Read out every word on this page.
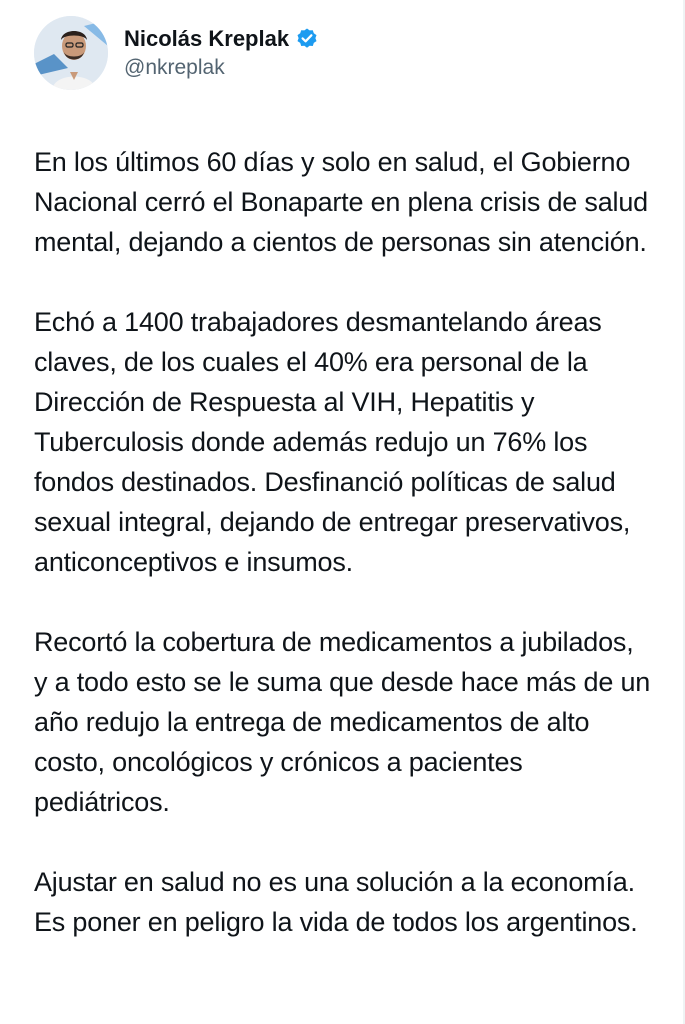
Nicolás Kreplak
@nkreplak

En los últimos 60 días y solo en salud, el Gobierno Nacional cerró el Bonaparte en plena crisis de salud mental, dejando a cientos de personas sin atención.

Echó a 1400 trabajadores desmantelando áreas claves, de los cuales el 40% era personal de la Dirección de Respuesta al VIH, Hepatitis y Tuberculosis donde además redujo un 76% los fondos destinados. Desfinanció políticas de salud sexual integral, dejando de entregar preservativos, anticonceptivos e insumos.

Recortó la cobertura de medicamentos a jubilados, y a todo esto se le suma que desde hace más de un año redujo la entrega de medicamentos de alto costo, oncológicos y crónicos a pacientes pediátricos.

Ajustar en salud no es una solución a la economía. Es poner en peligro la vida de todos los argentinos.
